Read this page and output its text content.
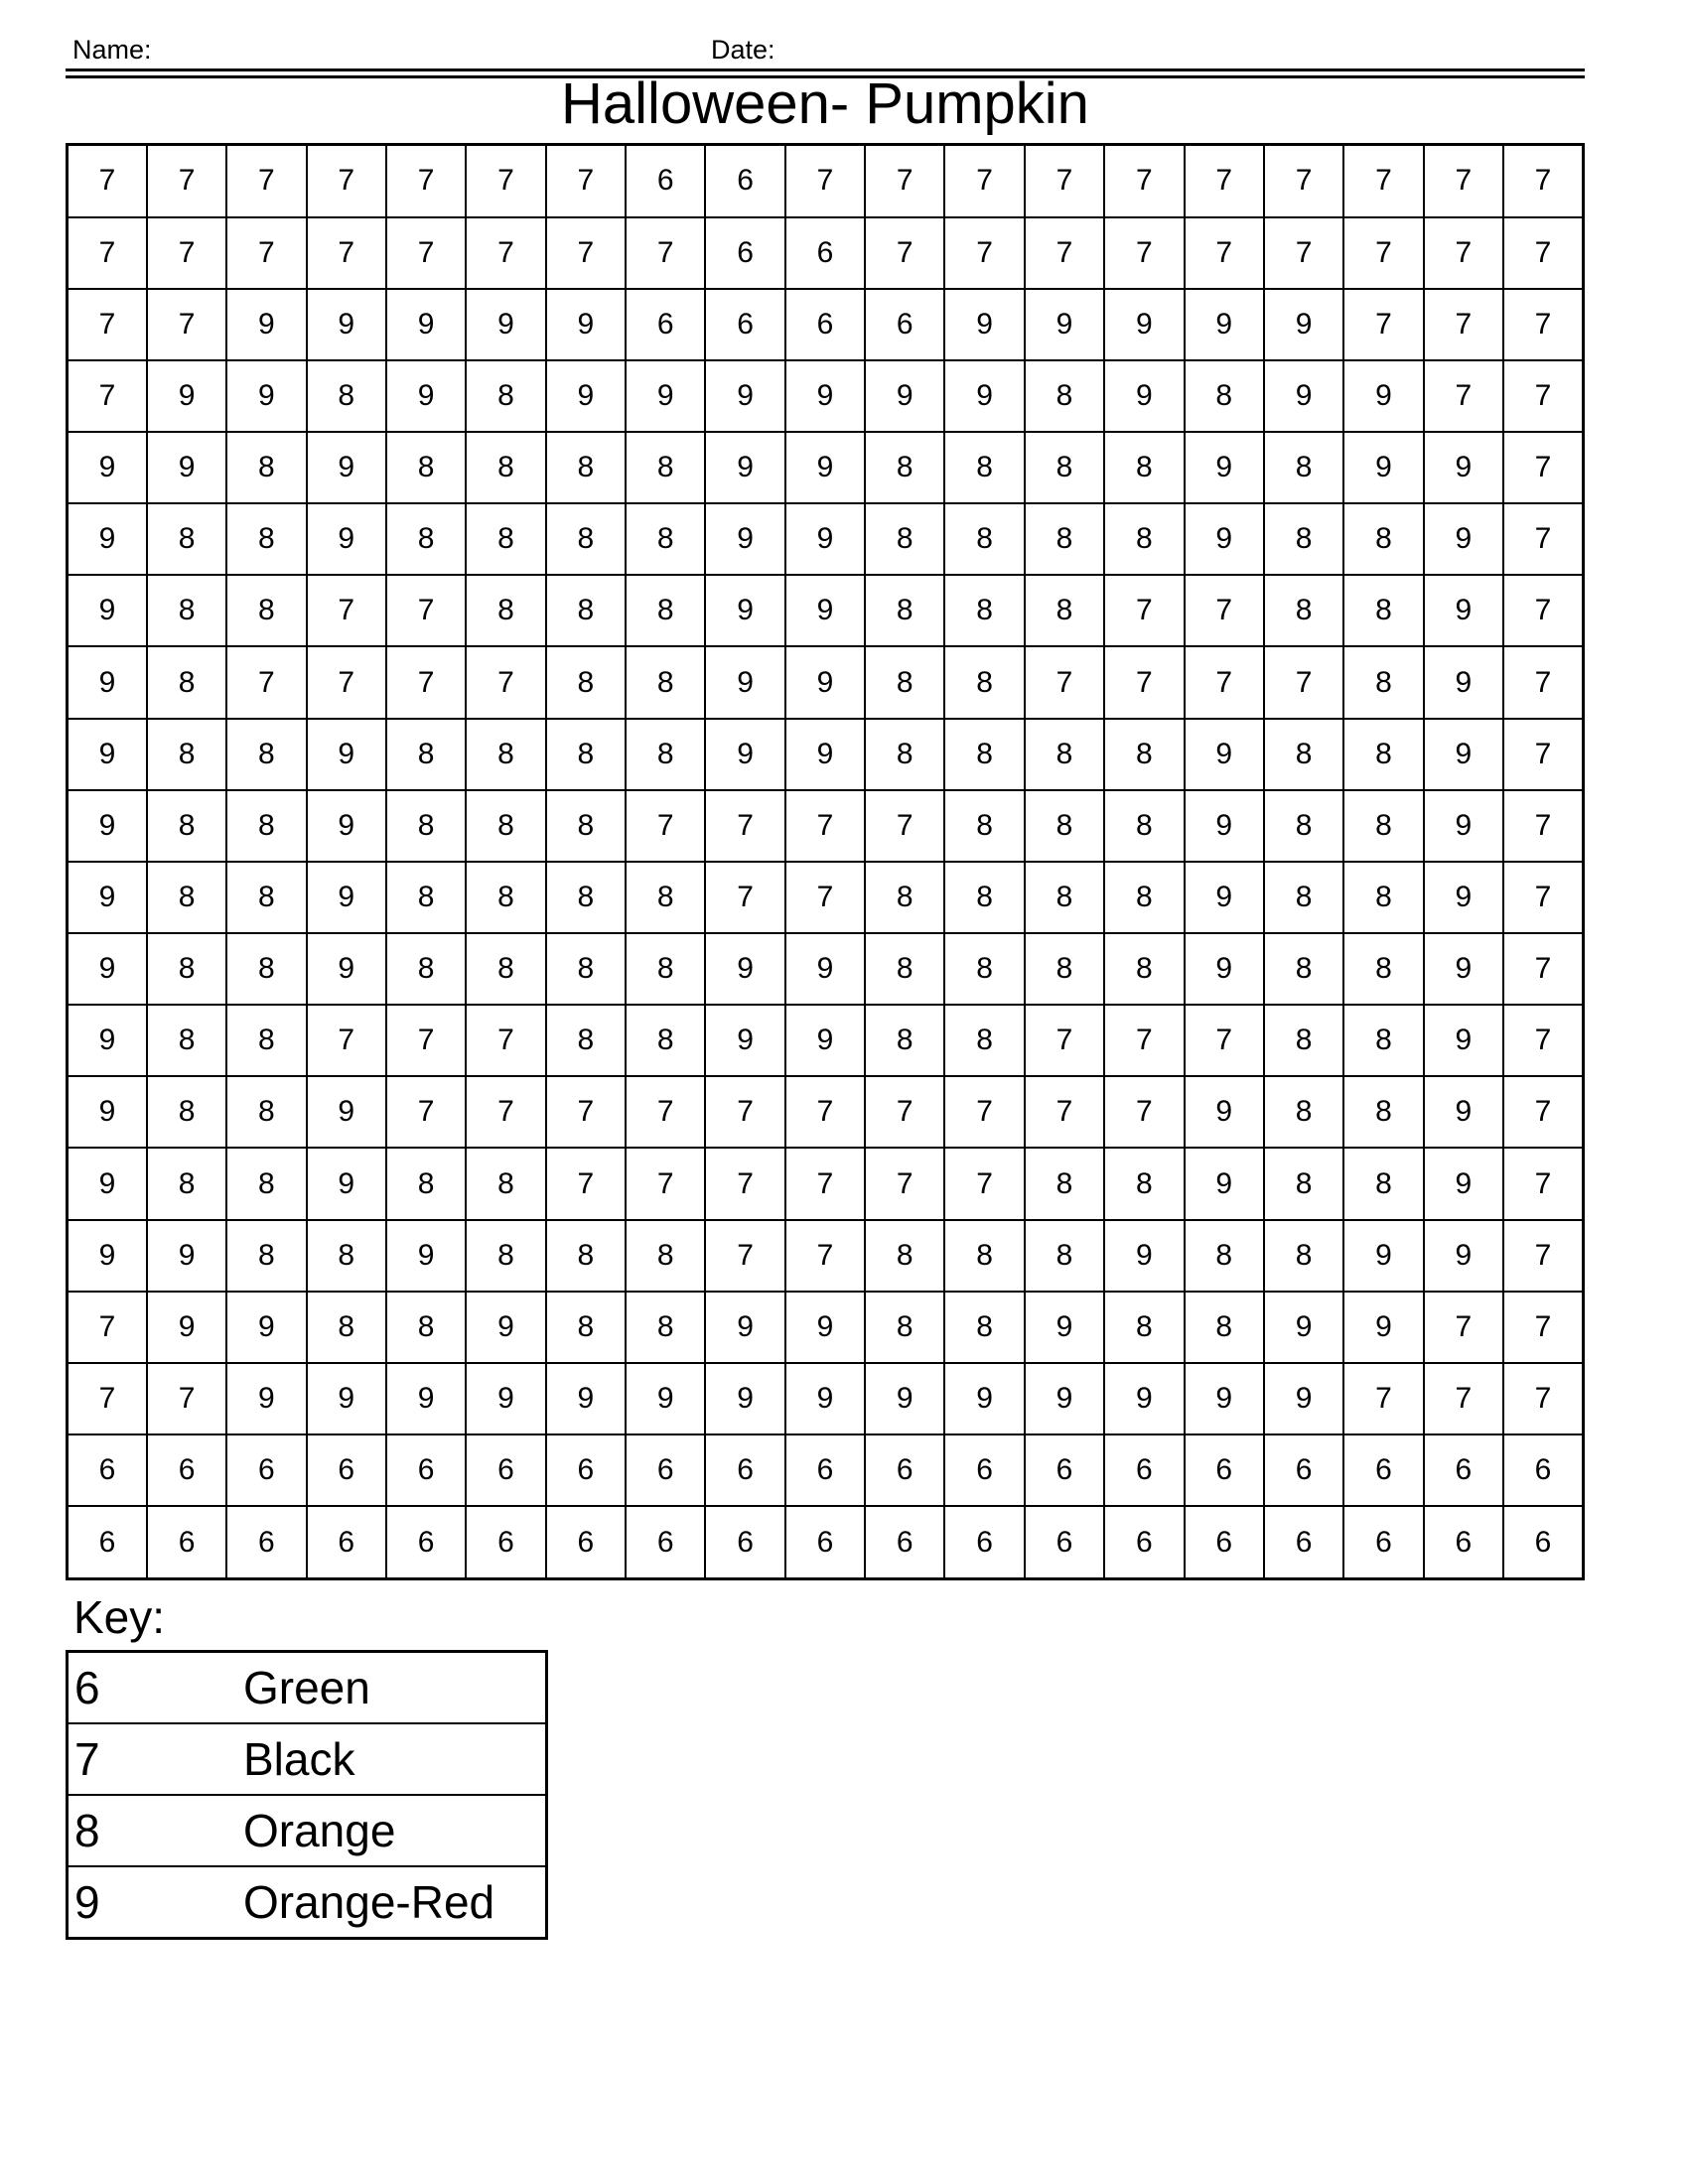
Name:	Date:
Halloween- Pumpkin
7	7	7	7	7	7	7	6	6	7	7	7	7	7	7	7	7	7	7
7	7	7	7	7	7	7	7	6	6	7	7	7	7	7	7	7	7	7
7	7	9	9	9	9	9	6	6	6	6	9	9	9	9	9	7	7	7
7	9	9	8	9	8	9	9	9	9	9	9	8	9	8	9	9	7	7
9	9	8	9	8	8	8	8	9	9	8	8	8	8	9	8	9	9	7
9	8	8	9	8	8	8	8	9	9	8	8	8	8	9	8	8	9	7
9	8	8	7	7	8	8	8	9	9	8	8	8	7	7	8	8	9	7
9	8	7	7	7	7	8	8	9	9	8	8	7	7	7	7	8	9	7
9	8	8	9	8	8	8	8	9	9	8	8	8	8	9	8	8	9	7
9	8	8	9	8	8	8	7	7	7	7	8	8	8	9	8	8	9	7
9	8	8	9	8	8	8	8	7	7	8	8	8	8	9	8	8	9	7
9	8	8	9	8	8	8	8	9	9	8	8	8	8	9	8	8	9	7
9	8	8	7	7	7	8	8	9	9	8	8	7	7	7	8	8	9	7
9	8	8	9	7	7	7	7	7	7	7	7	7	7	9	8	8	9	7
9	8	8	9	8	8	7	7	7	7	7	7	8	8	9	8	8	9	7
9	9	8	8	9	8	8	8	7	7	8	8	8	9	8	8	9	9	7
7	9	9	8	8	9	8	8	9	9	8	8	9	8	8	9	9	7	7
7	7	9	9	9	9	9	9	9	9	9	9	9	9	9	9	7	7	7
6	6	6	6	6	6	6	6	6	6	6	6	6	6	6	6	6	6	6
6	6	6	6	6	6	6	6	6	6	6	6	6	6	6	6	6	6	6
Key:
6	Green
7	Black
8	Orange
9	Orange-Red
